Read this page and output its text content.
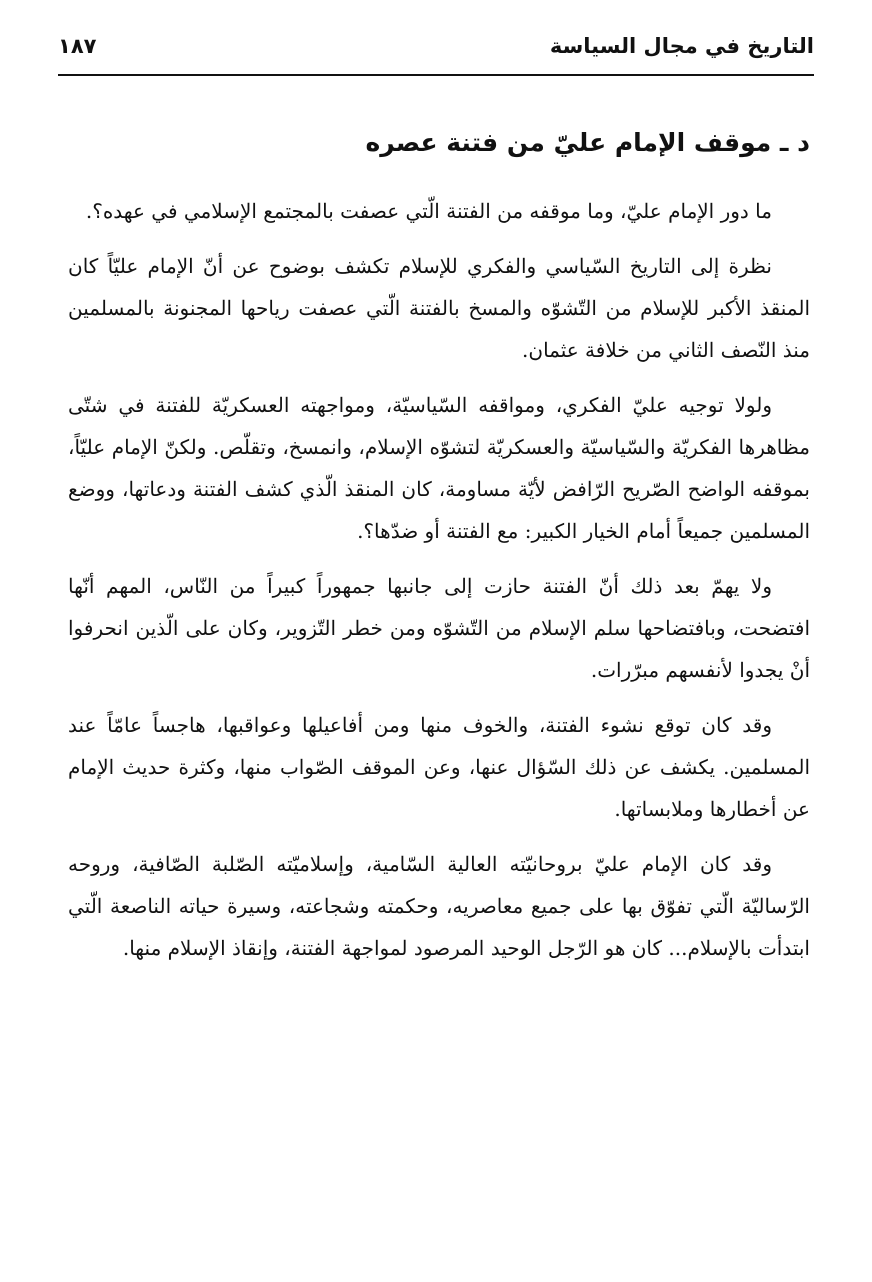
التاريخ في مجال السياسة
١٨٧
د ـ موقف الإمام عليّ من فتنة عصره

ما دور الإمام عليّ، وما موقفه من الفتنة الّتي عصفت بالمجتمع الإسلامي في عهده؟.

نظرة إلى التاريخ السّياسي والفكري للإسلام تكشف بوضوح عن أنّ الإمام عليّاً كان المنقذ الأكبر للإسلام من التّشوّه والمسخ بالفتنة الّتي عصفت رياحها المجنونة بالمسلمين منذ النّصف الثاني من خلافة عثمان.

ولولا توجيه عليّ الفكري، ومواقفه السّياسيّة، ومواجهته العسكريّة للفتنة في شتّى مظاهرها الفكريّة والسّياسيّة والعسكريّة لتشوّه الإسلام، وانمسخ، وتقلّص. ولكنّ الإمام عليّاً، بموقفه الواضح الصّريح الرّافض لأيّة مساومة، كان المنقذ الّذي كشف الفتنة ودعاتها، ووضع المسلمين جميعاً أمام الخيار الكبير: مع الفتنة أو ضدّها؟.

ولا يهمّ بعد ذلك أنّ الفتنة حازت إلى جانبها جمهوراً كبيراً من النّاس، المهم أنّها افتضحت، وبافتضاحها سلم الإسلام من التّشوّه ومن خطر التّزوير، وكان على الّذين انحرفوا أنْ يجدوا لأنفسهم مبرّرات.

وقد كان توقع نشوء الفتنة، والخوف منها ومن أفاعيلها وعواقبها، هاجساً عامّاً عند المسلمين. يكشف عن ذلك السّؤال عنها، وعن الموقف الصّواب منها، وكثرة حديث الإمام عن أخطارها وملابساتها.

وقد كان الإمام عليّ بروحانيّته العالية السّامية، وإسلاميّته الصّلبة الصّافية، وروحه الرّساليّة الّتي تفوّق بها على جميع معاصريه، وحكمته وشجاعته، وسيرة حياته الناصعة الّتي ابتدأت بالإسلام... كان هو الرّجل الوحيد المرصود لمواجهة الفتنة، وإنقاذ الإسلام منها.
